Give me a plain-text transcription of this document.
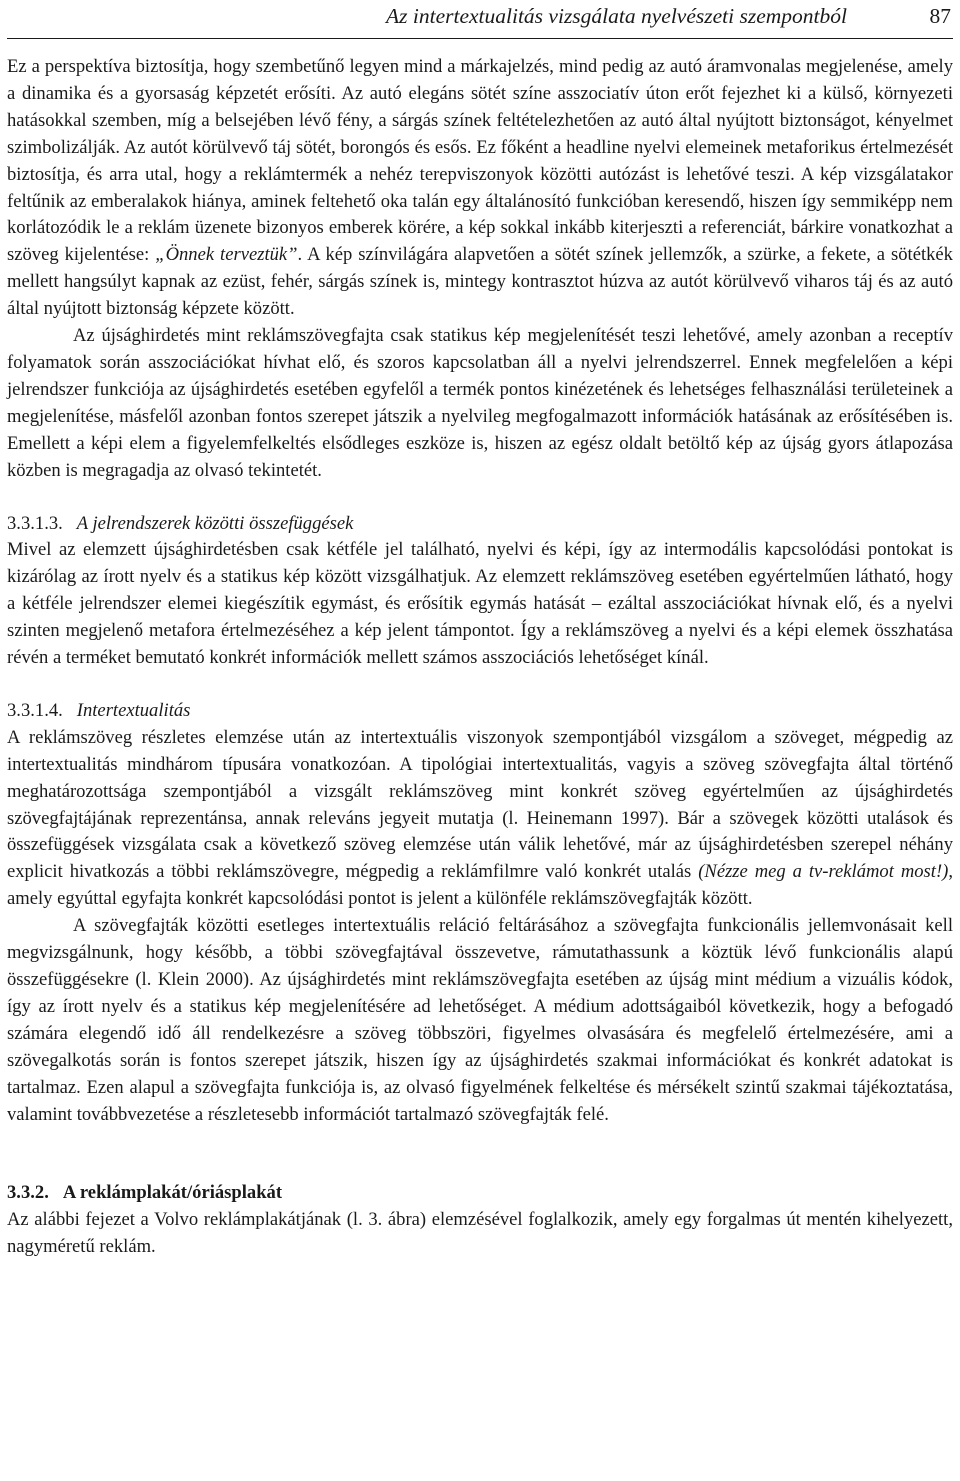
Az intertextualitás vizsgálata nyelvészeti szempontból	87

Ez a perspektíva biztosítja, hogy szembetűnő legyen mind a márkajelzés, mind pedig az autó áramvonalas megjelenése, amely a dinamika és a gyorsaság képzetét erősíti. Az autó elegáns sötét színe asszociatív úton erőt fejezhet ki a külső, környezeti hatásokkal szemben, míg a belsejében lévő fény, a sárgás színek feltételezhetően az autó által nyújtott biztonságot, kényelmet szimbolizálják. Az autót körülvevő táj sötét, borongós és esős. Ez főként a headline nyelvi elemeinek metaforikus értelmezését biztosítja, és arra utal, hogy a reklámtermék a nehéz terepviszonyok közötti autózást is lehetővé teszi. A kép vizsgálatakor feltűnik az emberalakok hiánya, aminek feltehető oka talán egy általánosító funkcióban keresendő, hiszen így semmiképp nem korlátozódik le a reklám üzenete bizonyos emberek körére, a kép sokkal inkább kiterjeszti a referenciát, bárkire vonatkozhat a szöveg kijelentése: „Önnek terveztük”. A kép színvilágára alapvetően a sötét színek jellemzők, a szürke, a fekete, a sötétkék mellett hangsúlyt kapnak az ezüst, fehér, sárgás színek is, mintegy kontrasztot húzva az autót körülvevő viharos táj és az autó által nyújtott biztonság képzete között.

Az újsághirdetés mint reklámszövegfajta csak statikus kép megjelenítését teszi lehetővé, amely azonban a receptív folyamatok során asszociációkat hívhat elő, és szoros kapcsolatban áll a nyelvi jelrendszerrel. Ennek megfelelően a képi jelrendszer funkciója az újsághirdetés esetében egyfelől a termék pontos kinézetének és lehetséges felhasználási területeinek a megjelenítése, másfelől azonban fontos szerepet játszik a nyelvileg megfogalmazott információk hatásának az erősítésében is. Emellett a képi elem a figyelemfelkeltés elsődleges eszköze is, hiszen az egész oldalt betöltő kép az újság gyors átlapozása közben is megragadja az olvasó tekintetét.

3.3.1.3. A jelrendszerek közötti összefüggések

Mivel az elemzett újsághirdetésben csak kétféle jel található, nyelvi és képi, így az intermodális kapcsolódási pontokat is kizárólag az írott nyelv és a statikus kép között vizsgálhatjuk. Az elemzett reklámszöveg esetében egyértelműen látható, hogy a kétféle jelrendszer elemei kiegészítik egymást, és erősítik egymás hatását – ezáltal asszociációkat hívnak elő, és a nyelvi szinten megjelenő metafora értelmezéséhez a kép jelent támpontot. Így a reklámszöveg a nyelvi és a képi elemek összhatása révén a terméket bemutató konkrét információk mellett számos asszociációs lehetőséget kínál.

3.3.1.4. Intertextualitás

A reklámszöveg részletes elemzése után az intertextuális viszonyok szempontjából vizsgálom a szöveget, mégpedig az intertextualitás mindhárom típusára vonatkozóan. A tipológiai intertextualitás, vagyis a szöveg szövegfajta által történő meghatározottsága szempontjából a vizsgált reklámszöveg mint konkrét szöveg egyértelműen az újsághirdetés szövegfajtájának reprezentánsa, annak releváns jegyeit mutatja (l. Heinemann 1997). Bár a szövegek közötti utalások és összefüggések vizsgálata csak a következő szöveg elemzése után válik lehetővé, már az újsághirdetésben szerepel néhány explicit hivatkozás a többi reklámszövegre, mégpedig a reklámfilmre való konkrét utalás (Nézze meg a tv-reklámot most!), amely egyúttal egyfajta konkrét kapcsolódási pontot is jelent a különféle reklámszövegfajták között.

A szövegfajták közötti esetleges intertextuális reláció feltárásához a szövegfajta funkcionális jellemvonásait kell megvizsgálnunk, hogy később, a többi szövegfajtával összevetve, rámutathassunk a köztük lévő funkcionális alapú összefüggésekre (l. Klein 2000). Az újsághirdetés mint reklámszövegfajta esetében az újság mint médium a vizuális kódok, így az írott nyelv és a statikus kép megjelenítésére ad lehetőséget. A médium adottságaiból következik, hogy a befogadó számára elegendő idő áll rendelkezésre a szöveg többszöri, figyelmes olvasására és megfelelő értelmezésére, ami a szövegalkotás során is fontos szerepet játszik, hiszen így az újsághirdetés szakmai információkat és konkrét adatokat is tartalmaz. Ezen alapul a szövegfajta funkciója is, az olvasó figyelmének felkeltése és mérsékelt szintű szakmai tájékoztatása, valamint továbbvezetése a részletesebb információt tartalmazó szövegfajták felé.

3.3.2. A reklámplakát/óriásplakát

Az alábbi fejezet a Volvo reklámplakátjának (l. 3. ábra) elemzésével foglalkozik, amely egy forgalmas út mentén kihelyezett, nagyméretű reklám.
